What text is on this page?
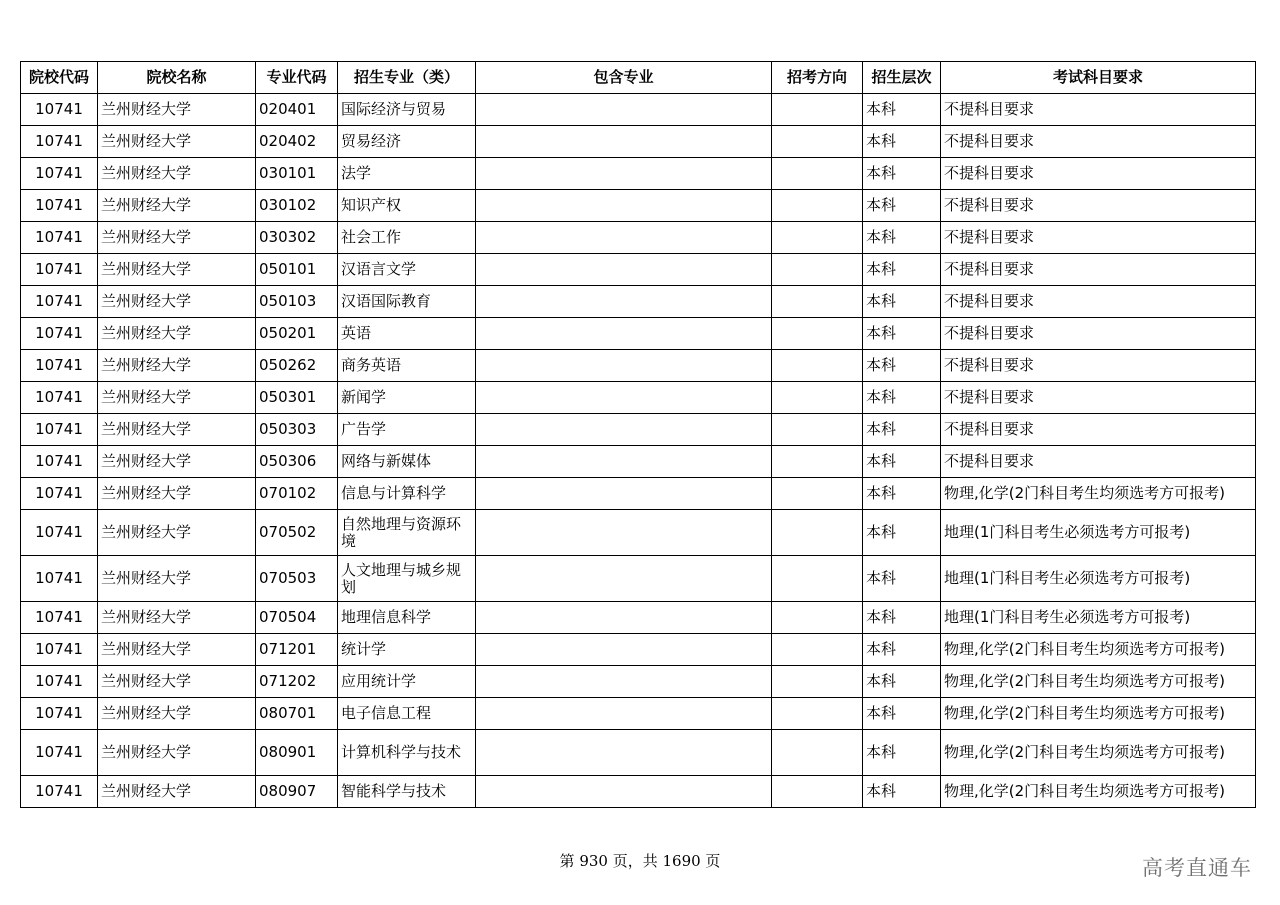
院校代码	院校名称	专业代码	招生专业（类）	包含专业	招考方向	招生层次	考试科目要求
10741	兰州财经大学	020401	国际经济与贸易			本科	不提科目要求
10741	兰州财经大学	020402	贸易经济			本科	不提科目要求
10741	兰州财经大学	030101	法学			本科	不提科目要求
10741	兰州财经大学	030102	知识产权			本科	不提科目要求
10741	兰州财经大学	030302	社会工作			本科	不提科目要求
10741	兰州财经大学	050101	汉语言文学			本科	不提科目要求
10741	兰州财经大学	050103	汉语国际教育			本科	不提科目要求
10741	兰州财经大学	050201	英语			本科	不提科目要求
10741	兰州财经大学	050262	商务英语			本科	不提科目要求
10741	兰州财经大学	050301	新闻学			本科	不提科目要求
10741	兰州财经大学	050303	广告学			本科	不提科目要求
10741	兰州财经大学	050306	网络与新媒体			本科	不提科目要求
10741	兰州财经大学	070102	信息与计算科学			本科	物理,化学(2门科目考生均须选考方可报考)
10741	兰州财经大学	070502	自然地理与资源环境			本科	地理(1门科目考生必须选考方可报考)
10741	兰州财经大学	070503	人文地理与城乡规划			本科	地理(1门科目考生必须选考方可报考)
10741	兰州财经大学	070504	地理信息科学			本科	地理(1门科目考生必须选考方可报考)
10741	兰州财经大学	071201	统计学			本科	物理,化学(2门科目考生均须选考方可报考)
10741	兰州财经大学	071202	应用统计学			本科	物理,化学(2门科目考生均须选考方可报考)
10741	兰州财经大学	080701	电子信息工程			本科	物理,化学(2门科目考生均须选考方可报考)
10741	兰州财经大学	080901	计算机科学与技术			本科	物理,化学(2门科目考生均须选考方可报考)
10741	兰州财经大学	080907	智能科学与技术			本科	物理,化学(2门科目考生均须选考方可报考)
第 930 页，共 1690 页	高考直通车
